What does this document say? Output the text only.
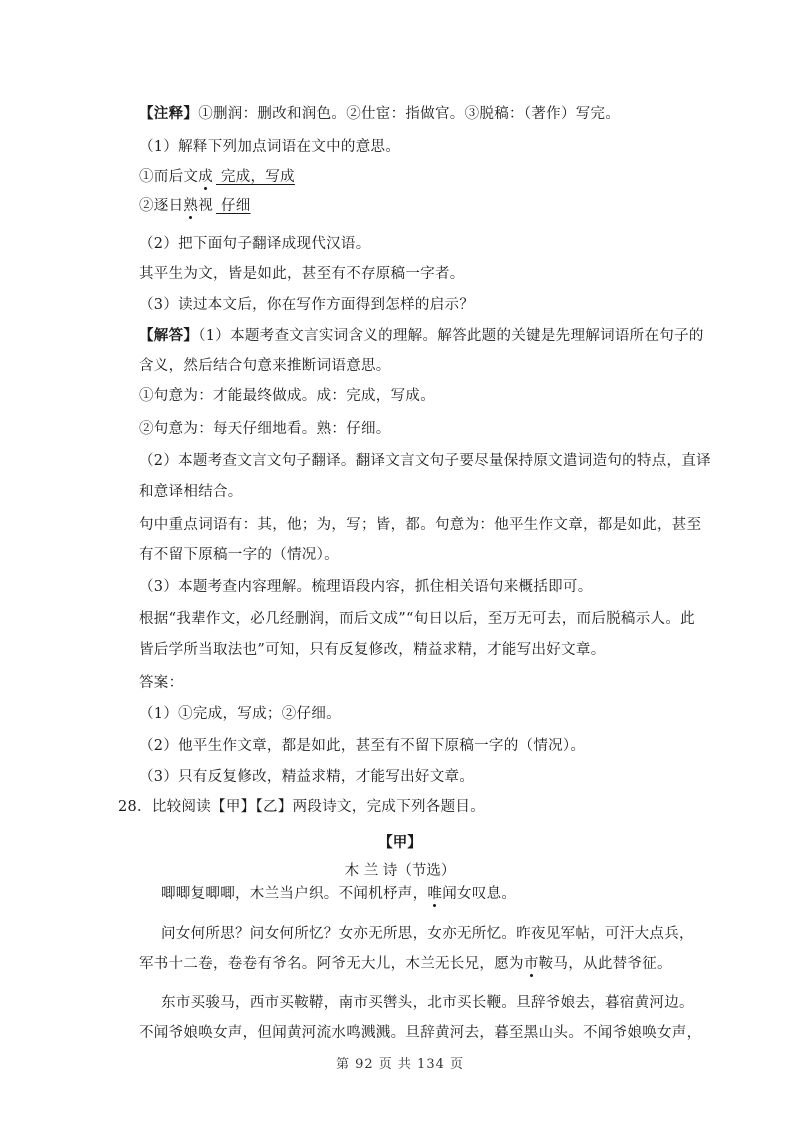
【注释】①删润：删改和润色。②仕宦：指做官。③脱稿：（著作）写完。
（1）解释下列加点词语在文中的意思。
①而后文成 完成，写成
②逐日熟视 仔细
（2）把下面句子翻译成现代汉语。
其平生为文，皆是如此，甚至有不存原稿一字者。
（3）读过本文后，你在写作方面得到怎样的启示？
【解答】（1）本题考查文言实词含义的理解。解答此题的关键是先理解词语所在句子的
含义，然后结合句意来推断词语意思。
①句意为：才能最终做成。成：完成，写成。
②句意为：每天仔细地看。熟：仔细。
（2）本题考查文言文句子翻译。翻译文言文句子要尽量保持原文遣词造句的特点，直译
和意译相结合。
句中重点词语有：其，他；为，写；皆，都。句意为：他平生作文章，都是如此，甚至
有不留下原稿一字的（情况）。
（3）本题考查内容理解。梳理语段内容，抓住相关语句来概括即可。
根据“我辈作文，必几经删润，而后文成”“旬日以后，至万无可去，而后脱稿示人。此
皆后学所当取法也”可知，只有反复修改，精益求精，才能写出好文章。
答案：
（1）①完成，写成；②仔细。
（2）他平生作文章，都是如此，甚至有不留下原稿一字的（情况）。
（3）只有反复修改，精益求精，才能写出好文章。
28．比较阅读【甲】【乙】两段诗文，完成下列各题目。
【甲】
木 兰 诗（节选）
唧唧复唧唧，木兰当户织。不闻机杼声，唯闻女叹息。
问女何所思？问女何所忆？女亦无所思，女亦无所忆。昨夜见军帖，可汗大点兵，
军书十二卷，卷卷有爷名。阿爷无大儿，木兰无长兄，愿为市鞍马，从此替爷征。
东市买骏马，西市买鞍鞯，南市买辔头，北市买长鞭。旦辞爷娘去，暮宿黄河边。
不闻爷娘唤女声，但闻黄河流水鸣溅溅。旦辞黄河去，暮至黑山头。不闻爷娘唤女声，
第 92 页 共 134 页
